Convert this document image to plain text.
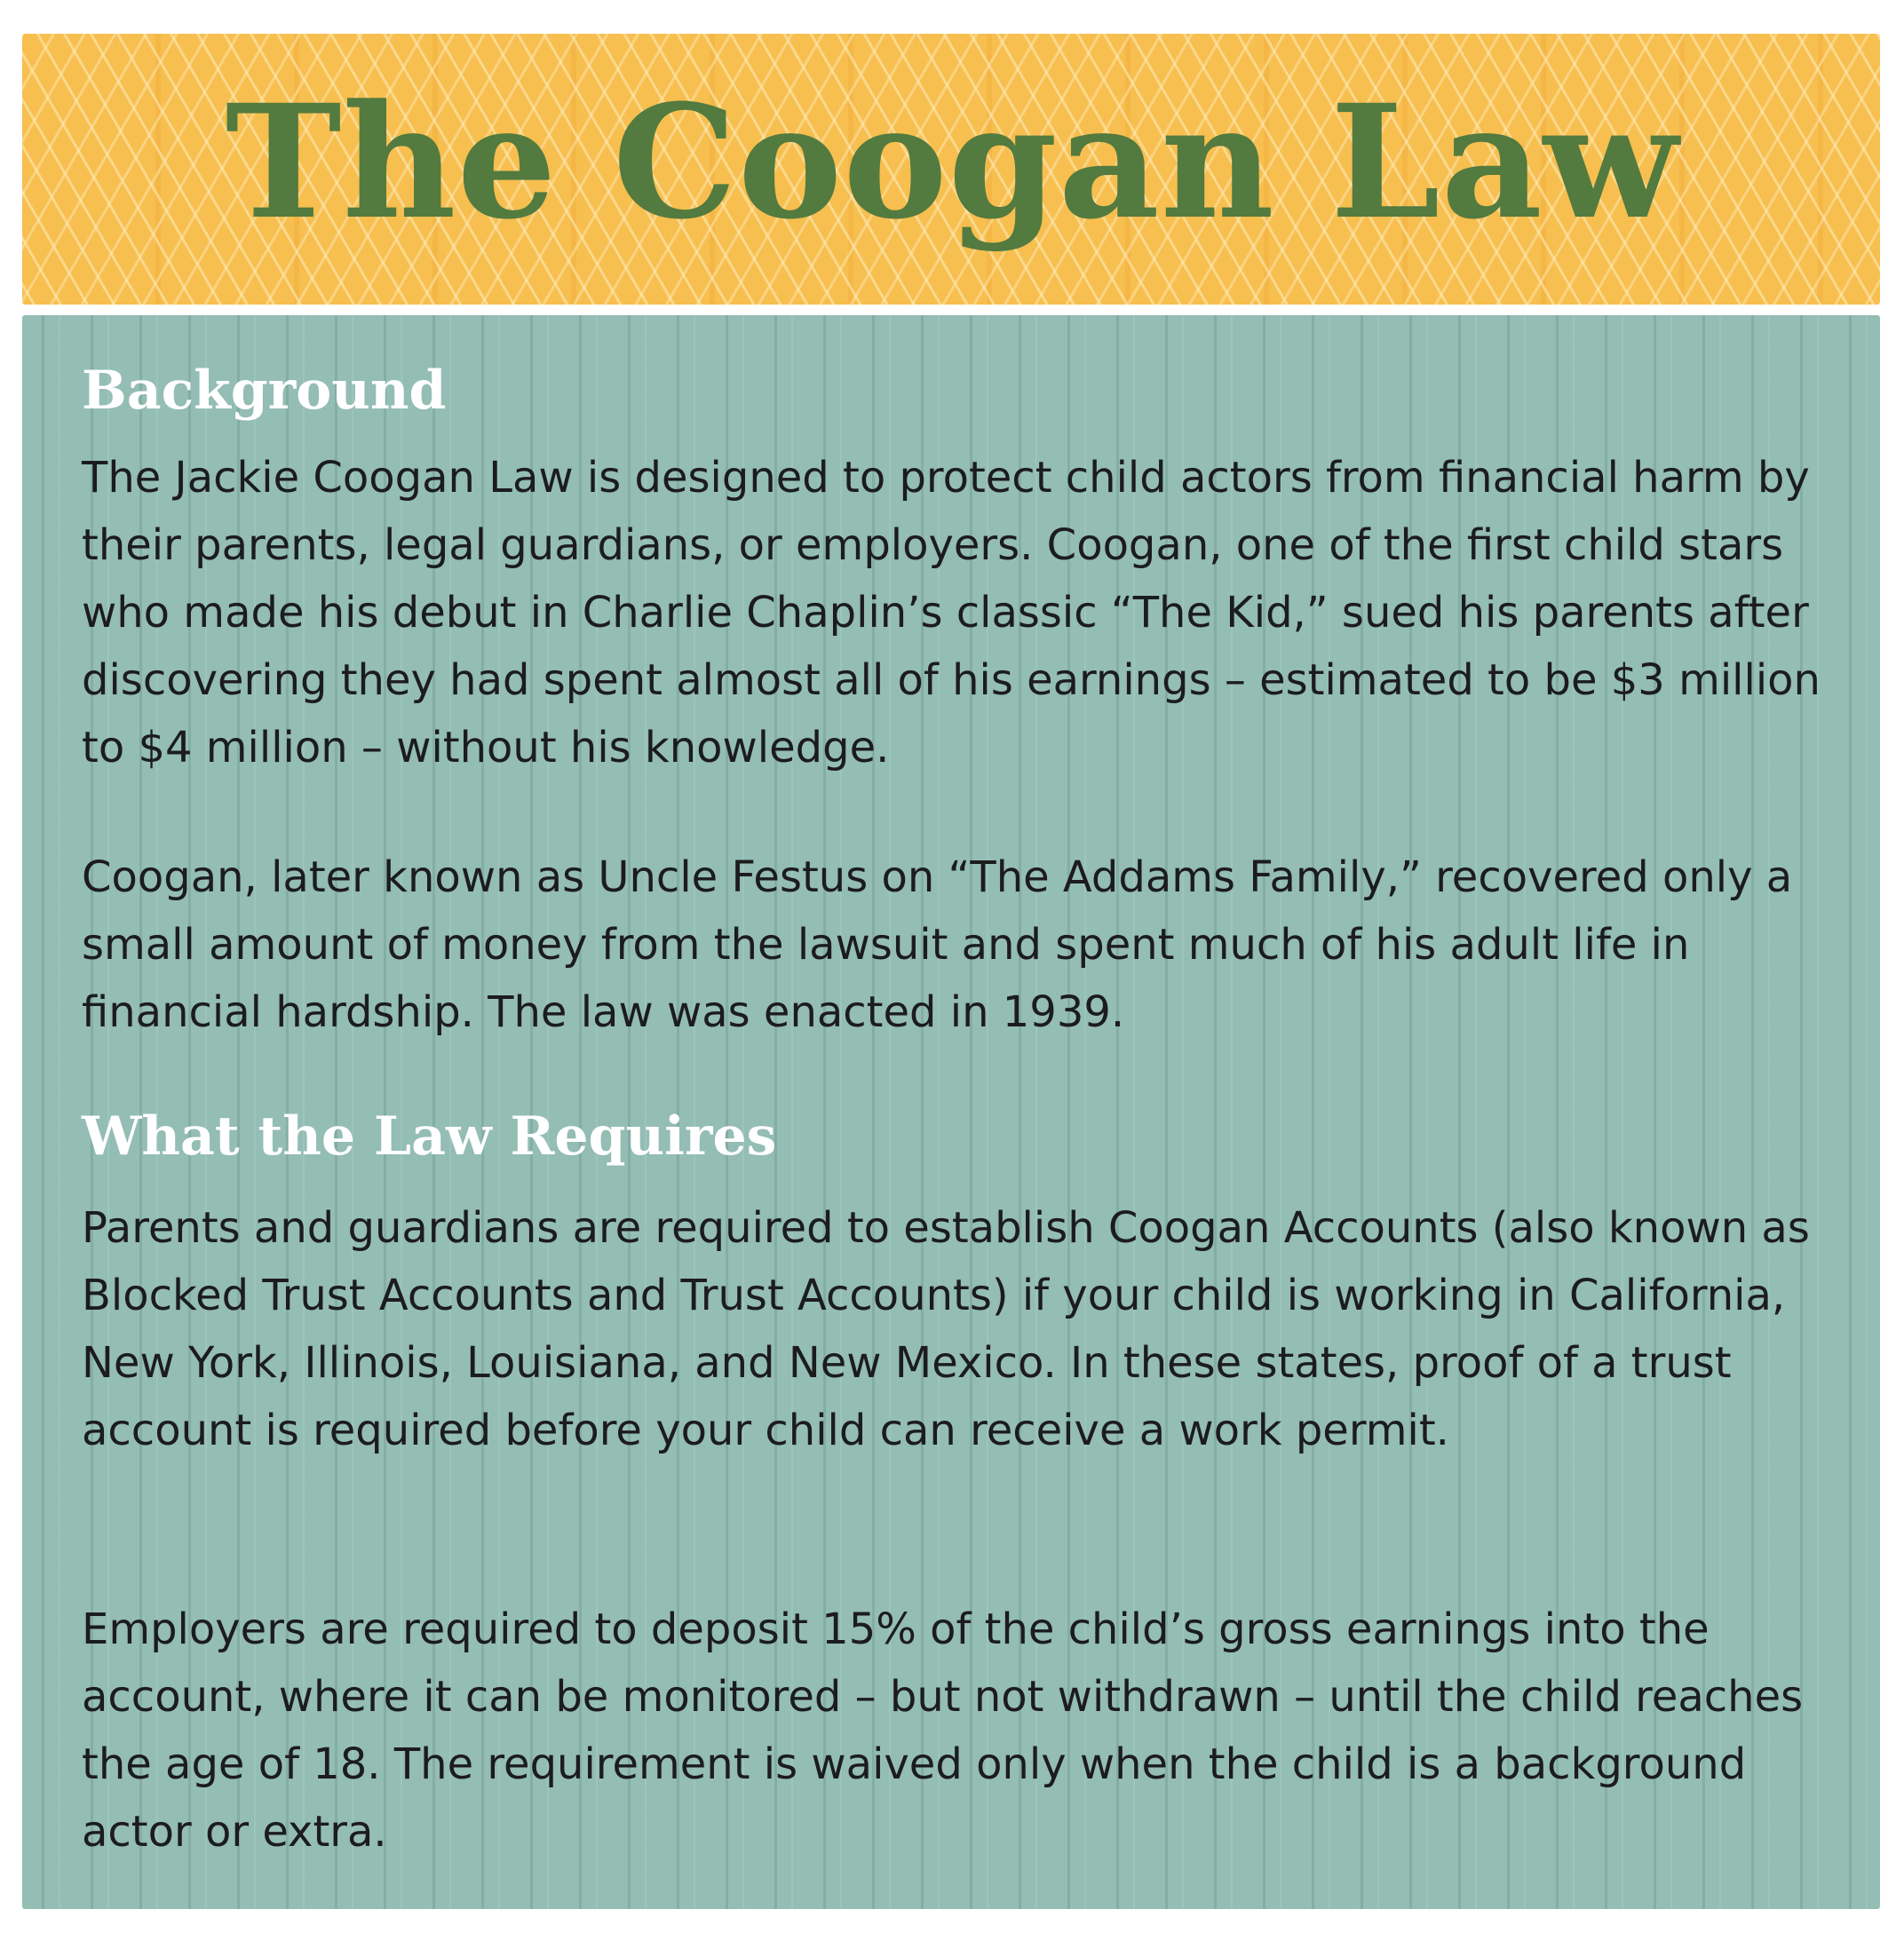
The Coogan Law
Background

The Jackie Coogan Law is designed to protect child actors from financial harm by their parents, legal guardians, or employers. Coogan, one of the first child stars who made his debut in Charlie Chaplin’s classic “The Kid,” sued his parents after discovering they had spent almost all of his earnings – estimated to be $3 million to $4 million – without his knowledge.

Coogan, later known as Uncle Festus on “The Addams Family,” recovered only a small amount of money from the lawsuit and spent much of his adult life in financial hardship. The law was enacted in 1939.

What the Law Requires

Parents and guardians are required to establish Coogan Accounts (also known as Blocked Trust Accounts and Trust Accounts) if your child is working in California, New York, Illinois, Louisiana, and New Mexico. In these states, proof of a trust account is required before your child can receive a work permit.

Employers are required to deposit 15% of the child’s gross earnings into the account, where it can be monitored – but not withdrawn – until the child reaches the age of 18. The requirement is waived only when the child is a background actor or extra.
